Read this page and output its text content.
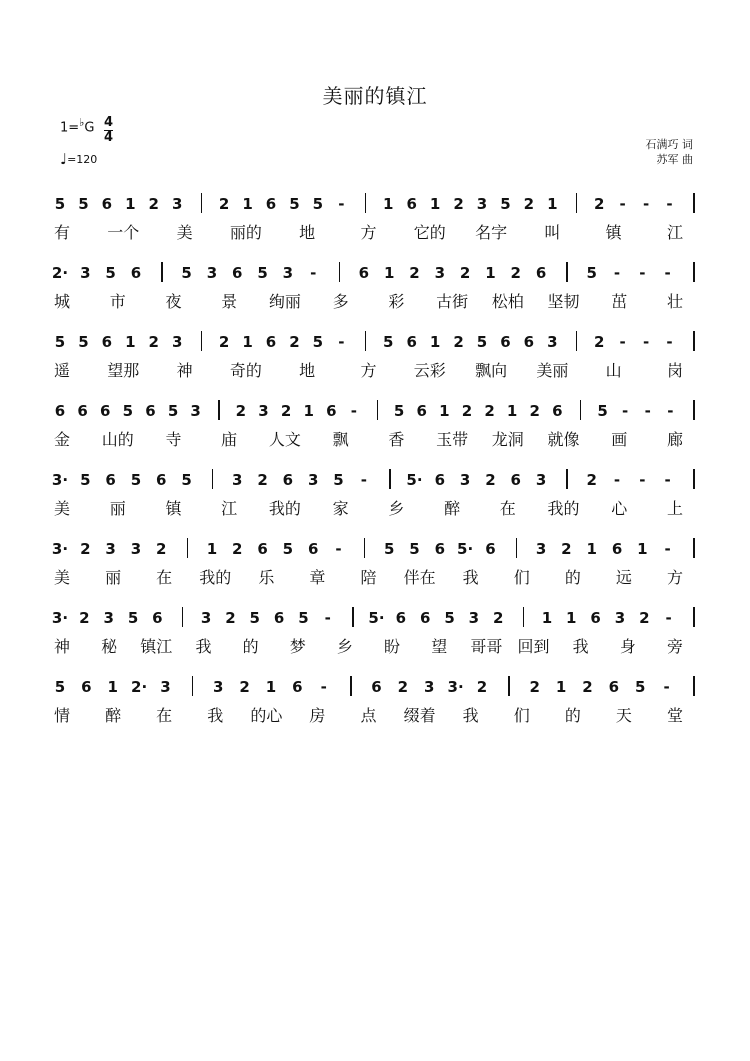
美丽的镇江
$1=^♭G \frac{4}{4}$
♩=120
石满巧 词
苏军 曲
5 5 6 1 2 3 2 1 6 5 5 -	1 6 1 2 3 5 2 1 2 - - -
有 一个 美 丽的 地	方 它的 名字 叫	镇	江
2· 3 5 6	5 3 6 5 3 -	6 1 2 3 2 1 2 6	5 - - -
城 市 夜 景 绚丽 多 彩 古街 松柏 坚韧 茁 壮
5 5 6 1 2 3 2 1 6 2 5 -	5 6 1 2 5 6 6 3 2 - - -
遥 望那 神 奇的 地	方 云彩 飘向 美丽 山	岗
6 6 6 5 6 5 3 2 3 2 1 6 - 5 6 1 2 2 1 2 6 5 - - -
金 山的 寺 庙 人文 飘 香 玉带 龙洞 就像 画 廊
3· 5 6 5 6 5	3 2 6 3 5 -	5· 6 3 2 6 3	2 - - -
美 丽 镇 江 我的 家 乡 醉 在 我的 心 上
3· 2 3 3 2	1 2 6 5 6 -	5 5 6 5· 6	3 2 1 6 1 -
美 丽 在 我的 乐 章 陪 伴在 我 们 的 远 方
3· 2 3 5 6	3 2 5 6 5 -	5· 6 6 5 3 2	1 1 6 3 2 -
神 秘 镇江 我 的 梦 乡 盼 望 哥哥 回到 我 身 旁
5 6 1 2· 3	3 2 1 6 -	6 2 3 3· 2	2 1 2 6 5 -
情 醉 在 我 的心 房 点 缀着 我 们 的 天 堂
